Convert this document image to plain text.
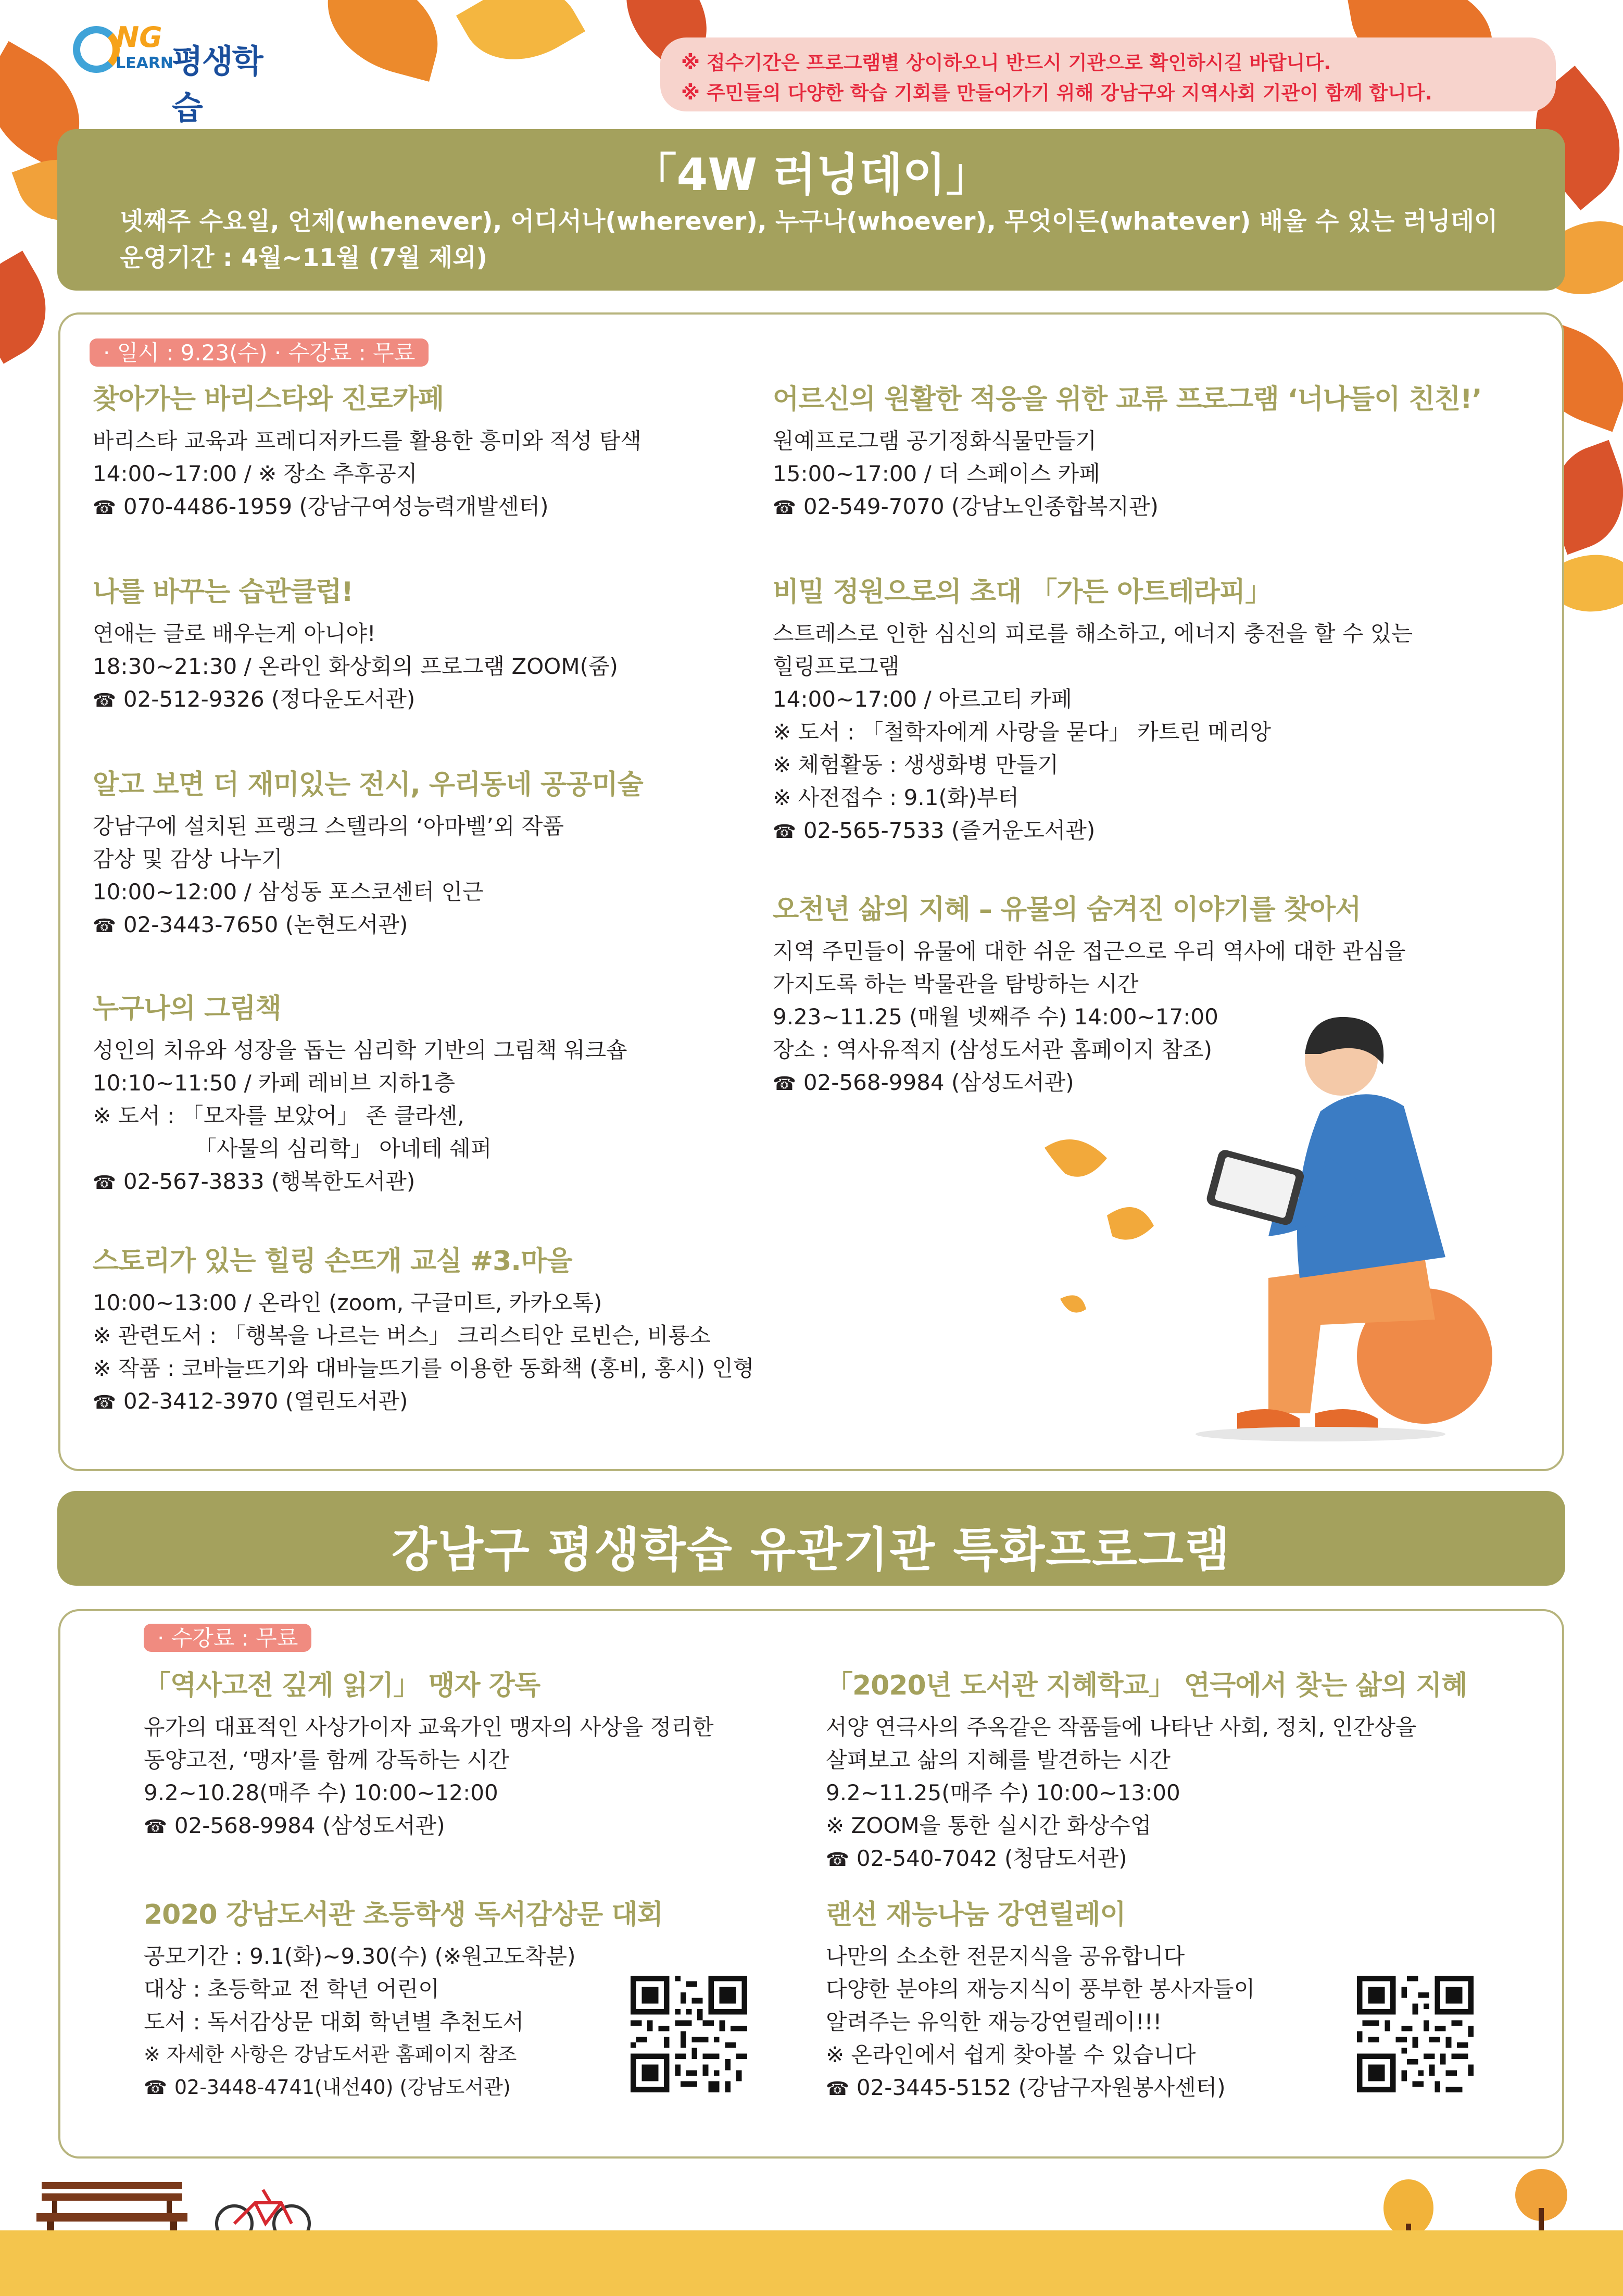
NG
LEARN
평생학습

※ 접수기간은 프로그램별 상이하오니 반드시 기관으로 확인하시길 바랍니다.

※ 주민들의 다양한 학습 기회를 만들어가기 위해 강남구와 지역사회 기관이 함께 합니다.

「4W 러닝데이」
넷째주 수요일, 언제(whenever), 어디서나(wherever), 누구나(whoever), 무엇이든(whatever) 배울 수 있는 러닝데이
운영기간 : 4월~11월 (7월 제외)
· 일시 : 9.23(수) · 수강료 : 무료
찾아가는 바리스타와 진로카페

바리스타 교육과 프레디저카드를 활용한 흥미와 적성 탐색

14:00~17:00 / ※ 장소 추후공지

☎ 070-4486-1959 (강남구여성능력개발센터)

나를 바꾸는 습관클럽!

연애는 글로 배우는게 아니야!

18:30~21:30 / 온라인 화상회의 프로그램 ZOOM(줌)

☎ 02-512-9326 (정다운도서관)

알고 보면 더 재미있는 전시, 우리동네 공공미술

강남구에 설치된 프랭크 스텔라의 ‘아마벨’외 작품

감상 및 감상 나누기

10:00~12:00 / 삼성동 포스코센터 인근

☎ 02-3443-7650 (논현도서관)

누구나의 그림책

성인의 치유와 성장을 돕는 심리학 기반의 그림책 워크숍

10:10~11:50 / 카페 레비브 지하1층

※ 도서 : 「모자를 보았어」 존 클라센,

「사물의 심리학」 아네테 쉐퍼

☎ 02-567-3833 (행복한도서관)

스토리가 있는 힐링 손뜨개 교실 #3.마을

10:00~13:00 / 온라인 (zoom, 구글미트, 카카오톡)

※ 관련도서 : 「행복을 나르는 버스」 크리스티안 로빈슨, 비룡소

※ 작품 : 코바늘뜨기와 대바늘뜨기를 이용한 동화책 (홍비, 홍시) 인형

☎ 02-3412-3970 (열린도서관)

어르신의 원활한 적응을 위한 교류 프로그램 ‘너나들이 친친!’

원예프로그램 공기정화식물만들기

15:00~17:00 / 더 스페이스 카페

☎ 02-549-7070 (강남노인종합복지관)

비밀 정원으로의 초대 「가든 아트테라피」

스트레스로 인한 심신의 피로를 해소하고, 에너지 충전을 할 수 있는

힐링프로그램

14:00~17:00 / 아르고티 카페

※ 도서 : 「철학자에게 사랑을 묻다」 카트린 메리앙

※ 체험활동 : 생생화병 만들기

※ 사전접수 : 9.1(화)부터

☎ 02-565-7533 (즐거운도서관)

오천년 삶의 지혜 – 유물의 숨겨진 이야기를 찾아서

지역 주민들이 유물에 대한 쉬운 접근으로 우리 역사에 대한 관심을

가지도록 하는 박물관을 탐방하는 시간

9.23~11.25 (매월 넷째주 수) 14:00~17:00

장소 : 역사유적지 (삼성도서관 홈페이지 참조)

☎ 02-568-9984 (삼성도서관)

강남구 평생학습 유관기관 특화프로그램
· 수강료 : 무료
「역사고전 깊게 읽기」 맹자 강독

유가의 대표적인 사상가이자 교육가인 맹자의 사상을 정리한

동양고전, ‘맹자’를 함께 강독하는 시간

9.2~10.28(매주 수) 10:00~12:00

☎ 02-568-9984 (삼성도서관)

2020 강남도서관 초등학생 독서감상문 대회

공모기간 : 9.1(화)~9.30(수) (※원고도착분)

대상 : 초등학교 전 학년 어린이

도서 : 독서감상문 대회 학년별 추천도서

※ 자세한 사항은 강남도서관 홈페이지 참조

☎ 02-3448-4741(내선40) (강남도서관)

「2020년 도서관 지혜학교」 연극에서 찾는 삶의 지혜

서양 연극사의 주옥같은 작품들에 나타난 사회, 정치, 인간상을

살펴보고 삶의 지혜를 발견하는 시간

9.2~11.25(매주 수) 10:00~13:00

※ ZOOM을 통한 실시간 화상수업

☎ 02-540-7042 (청담도서관)

랜선 재능나눔 강연릴레이

나만의 소소한 전문지식을 공유합니다

다양한 분야의 재능지식이 풍부한 봉사자들이

알려주는 유익한 재능강연릴레이!!!

※ 온라인에서 쉽게 찾아볼 수 있습니다

☎ 02-3445-5152 (강남구자원봉사센터)
